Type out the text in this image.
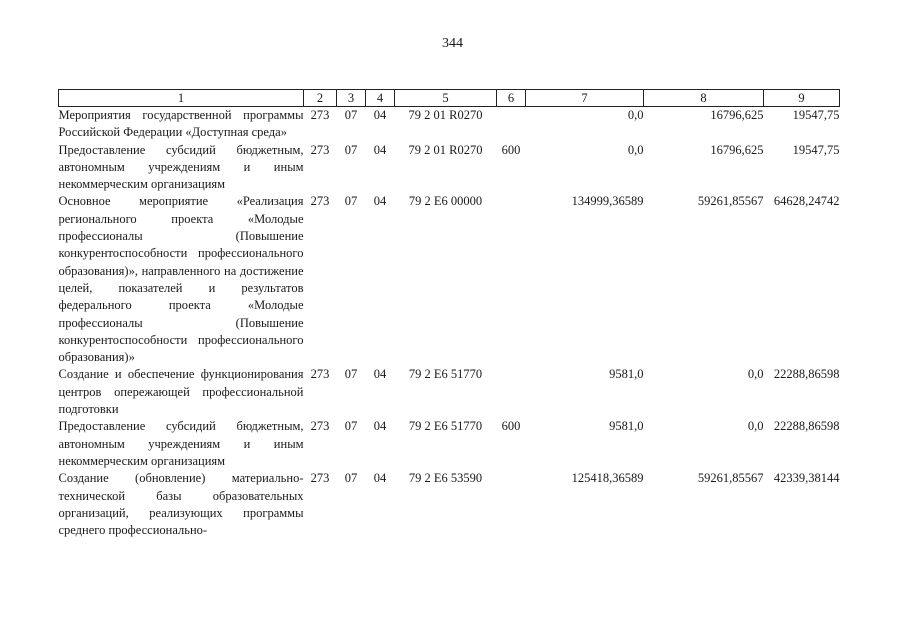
344
1	2	3	4	5	6	7	8	9
Мероприятия государственной программы Российской Федерации «Доступная среда»	273	07	04	79 2 01 R0270		0,0	16796,625	19547,75
Предоставление субсидий бюджетным, автономным учреждениям и иным некоммерческим организациям	273	07	04	79 2 01 R0270	600	0,0	16796,625	19547,75
Основное мероприятие «Реализация регионального проекта «Молодые профессионалы (Повышение конкурентоспособности профессионального образования)», направленного на достижение целей, показателей и результатов федерального проекта «Молодые профессионалы (Повышение конкурентоспособности профессионального образования)»	273	07	04	79 2 E6 00000		134999,36589	59261,85567	64628,24742
Создание и обеспечение функционирования центров опережающей профессиональной подготовки	273	07	04	79 2 E6 51770		9581,0	0,0	22288,86598
Предоставление субсидий бюджетным, автономным учреждениям и иным некоммерческим организациям	273	07	04	79 2 E6 51770	600	9581,0	0,0	22288,86598
Создание (обновление) материально-технической базы образовательных организаций, реализующих программы среднего профессионально-	273	07	04	79 2 E6 53590		125418,36589	59261,85567	42339,38144
